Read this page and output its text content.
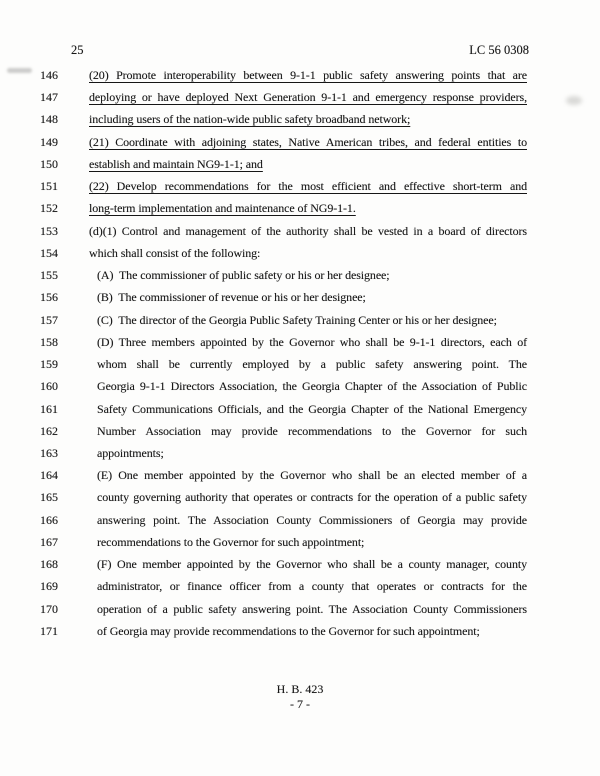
25	LC 56 0308
146	(20) Promote interoperability between 9-1-1 public safety answering points that are
147	deploying or have deployed Next Generation 9-1-1 and emergency response providers,
148	including users of the nation-wide public safety broadband network;
149	(21) Coordinate with adjoining states, Native American tribes, and federal entities to
150	establish and maintain NG9-1-1; and
151	(22) Develop recommendations for the most efficient and effective short-term and
152	long-term implementation and maintenance of NG9-1-1.
153	(d)(1) Control and management of the authority shall be vested in a board of directors
154	which shall consist of the following:
155	(A)  The commissioner of public safety or his or her designee;
156	(B)  The commissioner of revenue or his or her designee;
157	(C)  The director of the Georgia Public Safety Training Center or his or her designee;
158	(D) Three members appointed by the Governor who shall be 9-1-1 directors, each of
159	whom shall be currently employed by a public safety answering point. The
160	Georgia 9-1-1 Directors Association, the Georgia Chapter of the Association of Public
161	Safety Communications Officials, and the Georgia Chapter of the National Emergency
162	Number Association may provide recommendations to the Governor for such
163	appointments;
164	(E) One member appointed by the Governor who shall be an elected member of a
165	county governing authority that operates or contracts for the operation of a public safety
166	answering point. The Association County Commissioners of Georgia may provide
167	recommendations to the Governor for such appointment;
168	(F) One member appointed by the Governor who shall be a county manager, county
169	administrator, or finance officer from a county that operates or contracts for the
170	operation of a public safety answering point. The Association County Commissioners
171	of Georgia may provide recommendations to the Governor for such appointment;
H. B. 423
- 7 -
